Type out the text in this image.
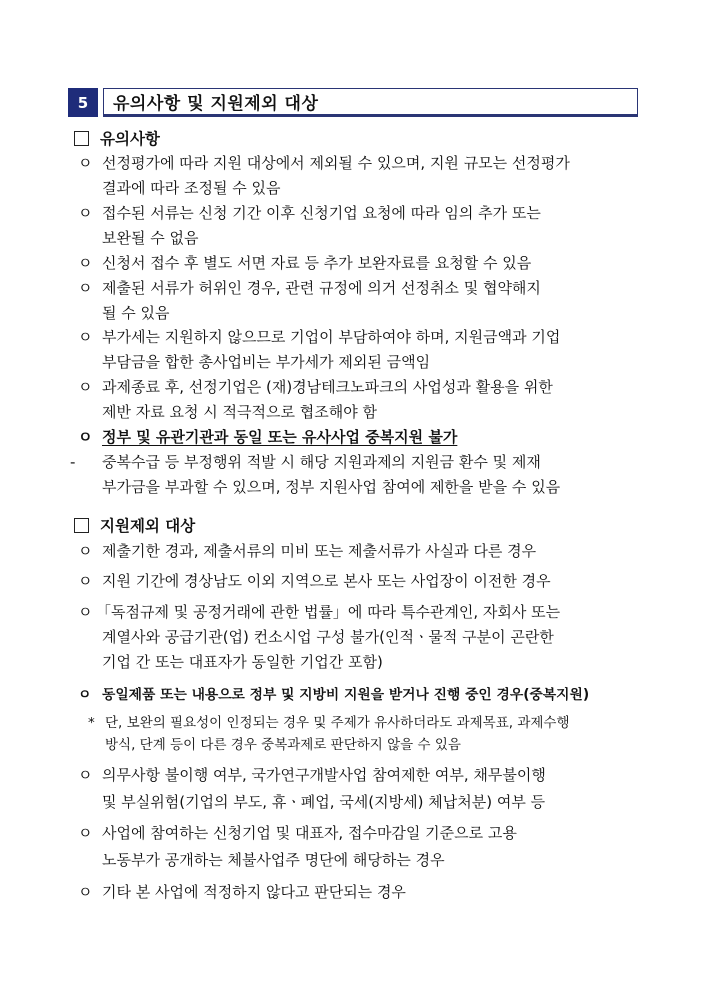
5	유의사항 및 지원제외 대상
유의사항
ㅇ 선정평가에 따라 지원 대상에서 제외될 수 있으며, 지원 규모는 선정평가
결과에 따라 조정될 수 있음
ㅇ 접수된 서류는 신청 기간 이후 신청기업 요청에 따라 임의 추가 또는
보완될 수 없음
ㅇ 신청서 접수 후 별도 서면 자료 등 추가 보완자료를 요청할 수 있음
ㅇ 제출된 서류가 허위인 경우, 관련 규정에 의거 선정취소 및 협약해지
될 수 있음
ㅇ 부가세는 지원하지 않으므로 기업이 부담하여야 하며, 지원금액과 기업
부담금을 합한 총사업비는 부가세가 제외된 금액임
ㅇ 과제종료 후, 선정기업은 (재)경남테크노파크의 사업성과 활용을 위한
제반 자료 요청 시 적극적으로 협조해야 함
ㅇ 정부 및 유관기관과 동일 또는 유사사업 중복지원 불가
-	중복수급 등 부정행위 적발 시 해당 지원과제의 지원금 환수 및 제재
부가금을 부과할 수 있으며, 정부 지원사업 참여에 제한을 받을 수 있음
지원제외 대상
ㅇ 제출기한 경과, 제출서류의 미비 또는 제출서류가 사실과 다른 경우
ㅇ 지원 기간에 경상남도 이외 지역으로 본사 또는 사업장이 이전한 경우
ㅇ 「독점규제 및 공정거래에 관한 법률」에 따라 특수관계인, 자회사 또는
계열사와 공급기관(업) 컨소시업 구성 불가(인적ㆍ물적 구분이 곤란한
기업 간 또는 대표자가 동일한 기업간 포함)
ㅇ 동일제품 또는 내용으로 정부 및 지방비 지원을 받거나 진행 중인 경우(중복지원)
* 단, 보완의 필요성이 인정되는 경우 및 주제가 유사하더라도 과제목표, 과제수행
방식, 단계 등이 다른 경우 중복과제로 판단하지 않을 수 있음
ㅇ 의무사항 불이행 여부, 국가연구개발사업 참여제한 여부, 채무불이행
및 부실위험(기업의 부도, 휴ㆍ폐업, 국세(지방세) 체납처분) 여부 등
ㅇ 사업에 참여하는 신청기업 및 대표자, 접수마감일 기준으로 고용
노동부가 공개하는 체불사업주 명단에 해당하는 경우
ㅇ 기타 본 사업에 적정하지 않다고 판단되는 경우
